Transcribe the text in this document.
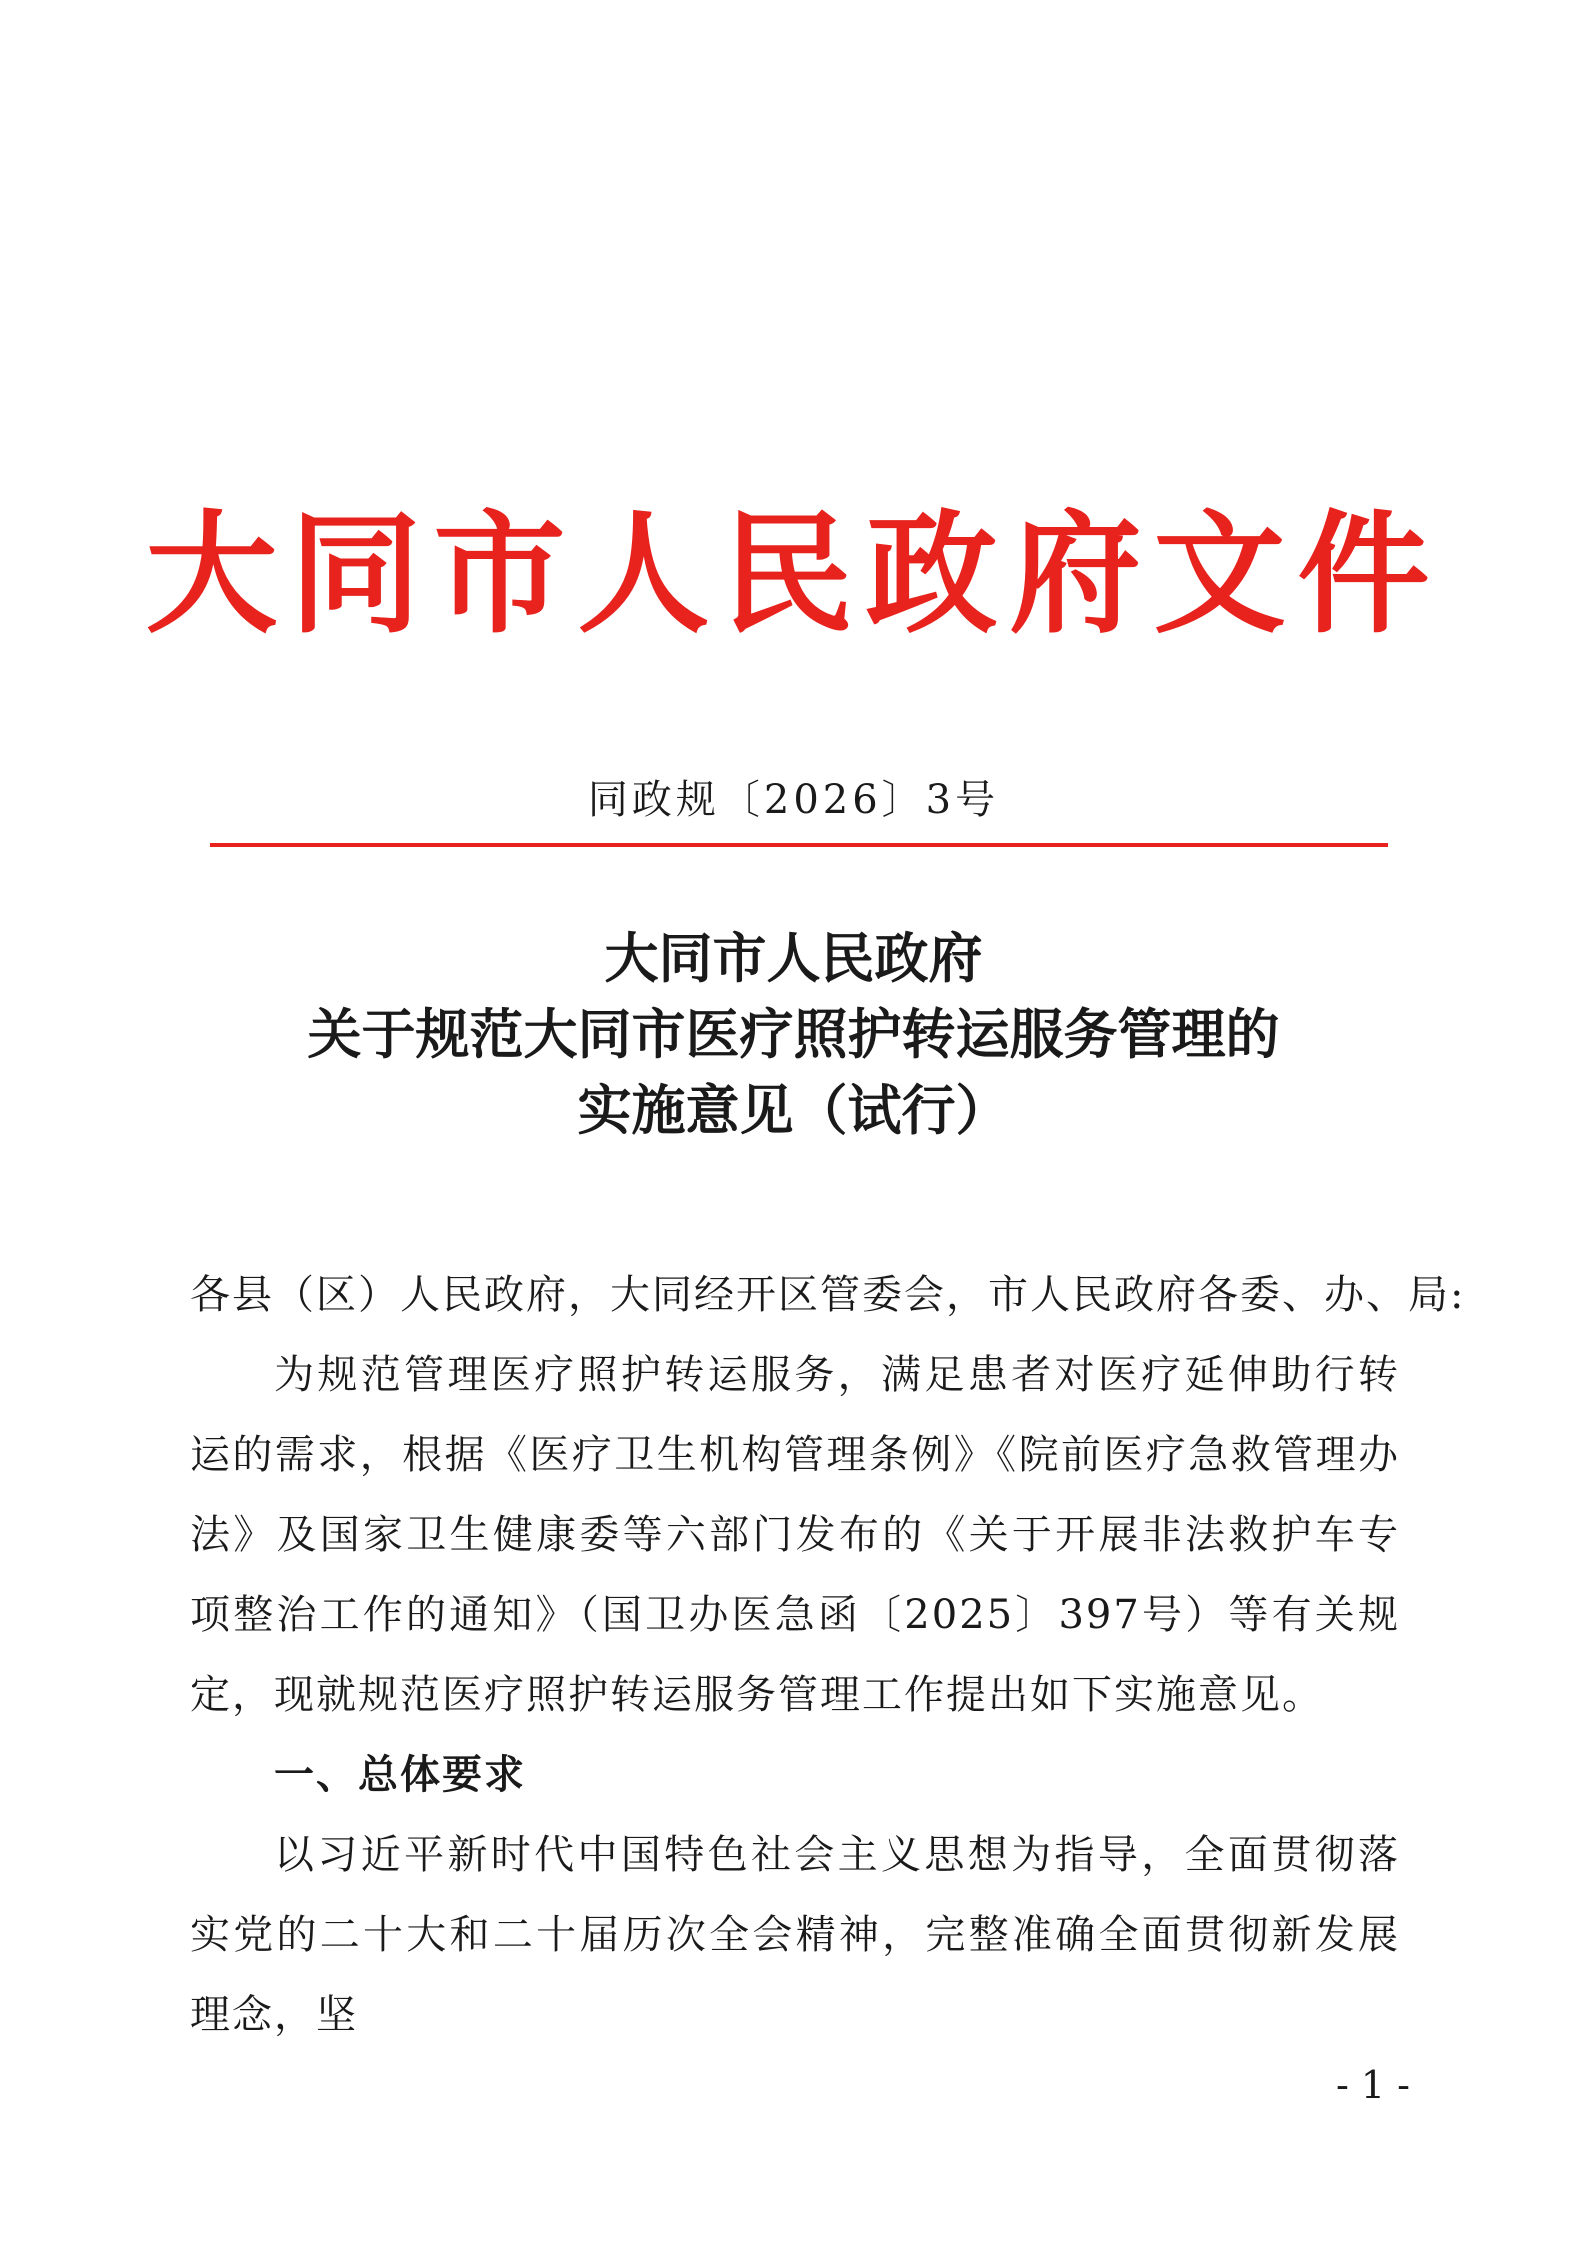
大同市人民政府文件
同政规〔2026〕3号
大同市人民政府
关于规范大同市医疗照护转运服务管理的
实施意见（试行）

各县（区）人民政府，大同经开区管委会，市人民政府各委、办、局:

为规范管理医疗照护转运服务，满足患者对医疗延伸助行转运的需求，根据《医疗卫生机构管理条例》《院前医疗急救管理办法》及国家卫生健康委等六部门发布的《关于开展非法救护车专项整治工作的通知》（国卫办医急函〔2025〕397号）等有关规定，现就规范医疗照护转运服务管理工作提出如下实施意见。

一、总体要求

以习近平新时代中国特色社会主义思想为指导，全面贯彻落实党的二十大和二十届历次全会精神，完整准确全面贯彻新发展理念，坚

- 1 -
